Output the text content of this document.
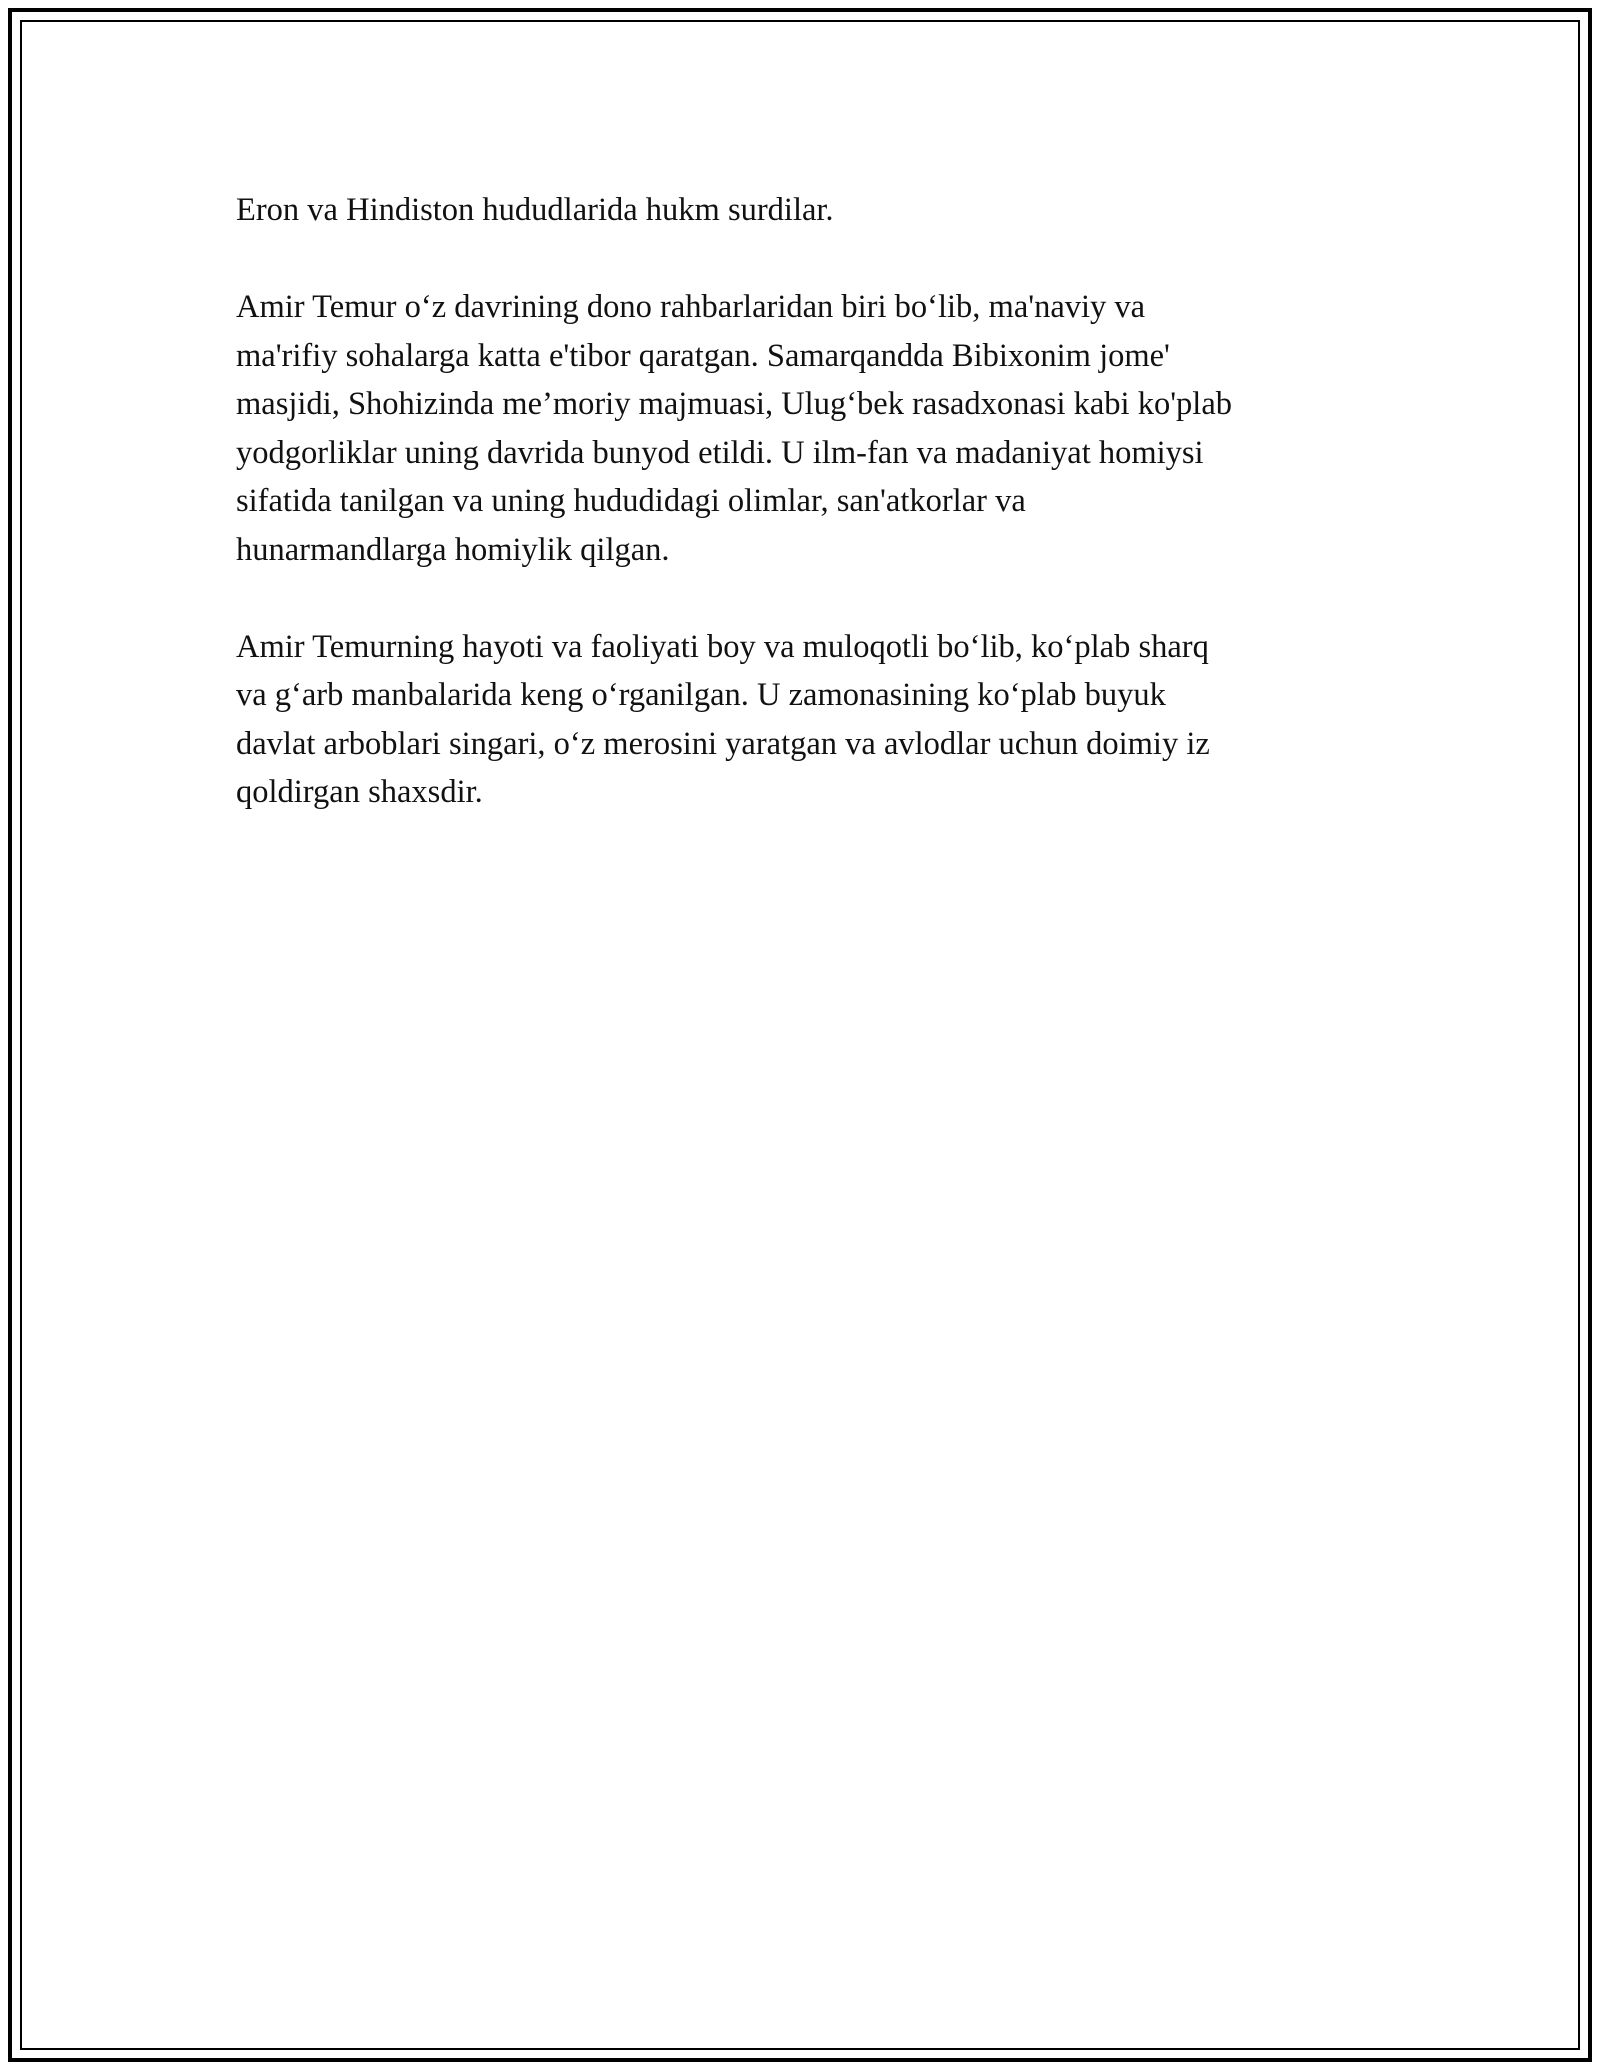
Eron va Hindiston hududlarida hukm surdilar.

Amir Temur o‘z davrining dono rahbarlaridan biri bo‘lib, ma'naviy va
ma'rifiy sohalarga katta e'tibor qaratgan. Samarqandda Bibixonim jome'
masjidi, Shohizinda me’moriy majmuasi, Ulug‘bek rasadxonasi kabi ko'plab
yodgorliklar uning davrida bunyod etildi. U ilm-fan va madaniyat homiysi
sifatida tanilgan va uning hududidagi olimlar, san'atkorlar va
hunarmandlarga homiylik qilgan.

Amir Temurning hayoti va faoliyati boy va muloqotli bo‘lib, ko‘plab sharq
va g‘arb manbalarida keng o‘rganilgan. U zamonasining ko‘plab buyuk
davlat arboblari singari, o‘z merosini yaratgan va avlodlar uchun doimiy iz
qoldirgan shaxsdir.
